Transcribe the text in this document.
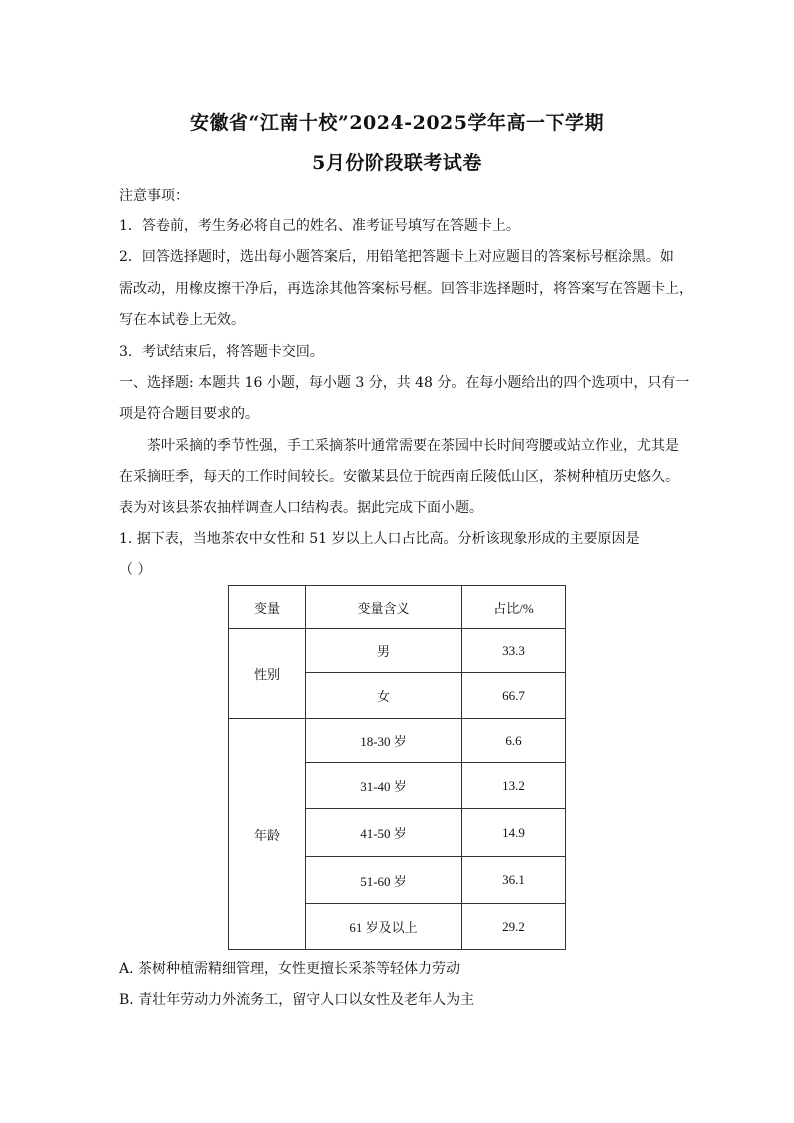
安徽省“江南十校”2024-2025学年高一下学期
5月份阶段联考试卷
注意事项：
1．答卷前，考生务必将自己的姓名、准考证号填写在答题卡上。
2．回答选择题时，选出每小题答案后，用铅笔把答题卡上对应题目的答案标号框涂黑。如
需改动，用橡皮擦干净后，再选涂其他答案标号框。回答非选择题时，将答案写在答题卡上，
写在本试卷上无效。
3．考试结束后，将答题卡交回。
一、选择题: 本题共 16 小题，每小题 3 分，共 48 分。在每小题给出的四个选项中，只有一
项是符合题目要求的。
茶叶采摘的季节性强，手工采摘茶叶通常需要在茶园中长时间弯腰或站立作业，尤其是
在采摘旺季，每天的工作时间较长。安徽某县位于皖西南丘陵低山区，茶树种植历史悠久。
表为对该县茶农抽样调查人口结构表。据此完成下面小题。
1. 据下表，当地茶农中女性和 51 岁以上人口占比高。分析该现象形成的主要原因是
（ ）
变量	变量含义	占比/%
性别	男	33.3
	女	66.7
年龄	18-30 岁	6.6
	31-40 岁	13.2
	41-50 岁	14.9
	51-60 岁	36.1
	61 岁及以上	29.2
A. 茶树种植需精细管理，女性更擅长采茶等轻体力劳动
B. 青壮年劳动力外流务工，留守人口以女性及老年人为主
